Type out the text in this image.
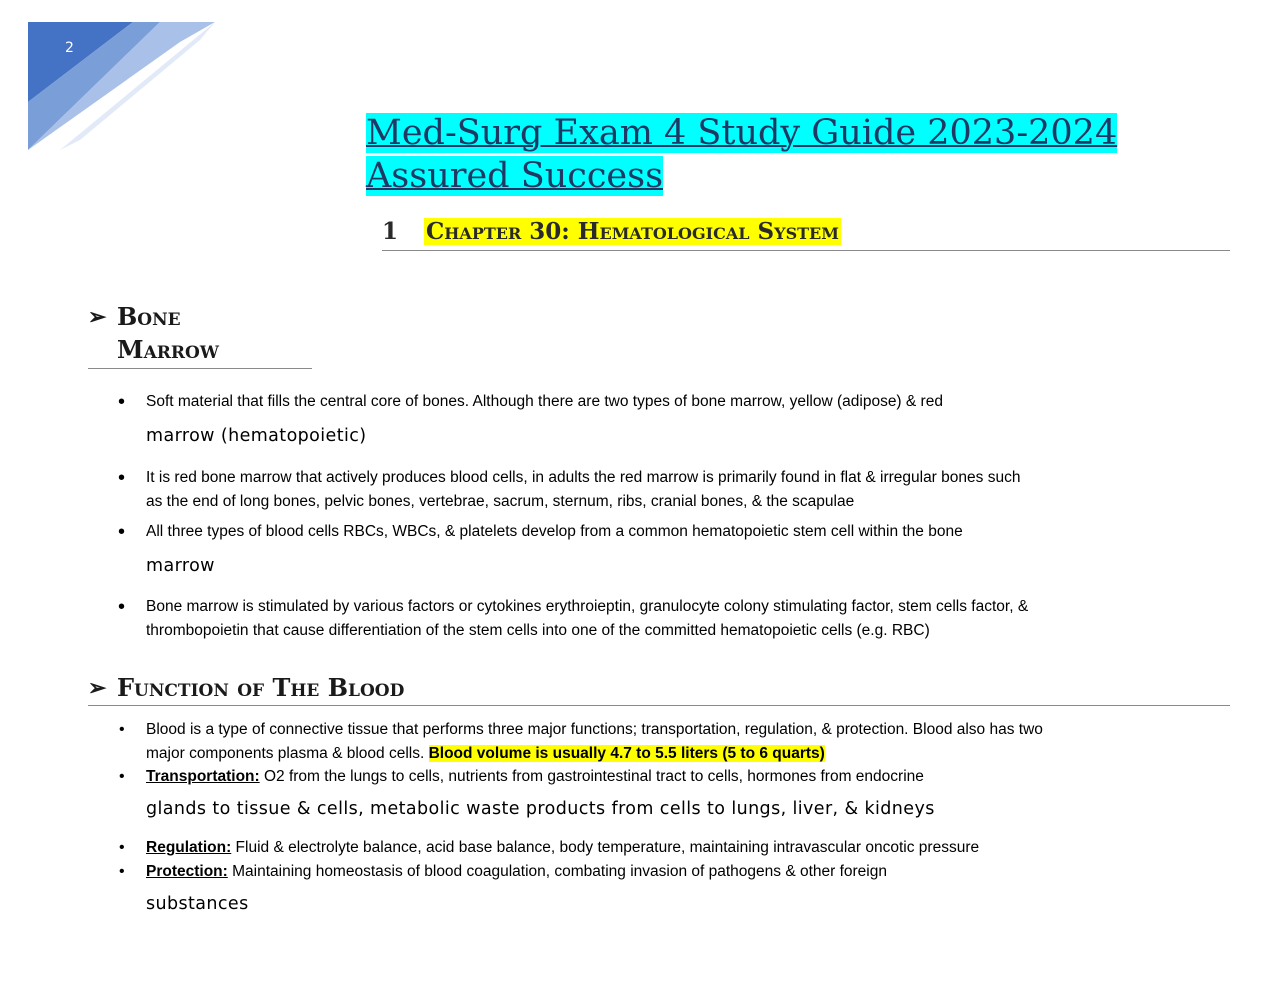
2
Med-Surg Exam 4 Study Guide 2023-2024
Assured Success
1 Chapter 30: Hematological System
➢ Bone
Marrow
• Soft material that fills the central core of bones. Although there are two types of bone marrow, yellow (adipose) & red
marrow (hematopoietic)
• It is red bone marrow that actively produces blood cells, in adults the red marrow is primarily found in flat & irregular bones such
as the end of long bones, pelvic bones, vertebrae, sacrum, sternum, ribs, cranial bones, & the scapulae
• All three types of blood cells RBCs, WBCs, & platelets develop from a common hematopoietic stem cell within the bone
marrow
• Bone marrow is stimulated by various factors or cytokines erythroieptin, granulocyte colony stimulating factor, stem cells factor, &
thrombopoietin that cause differentiation of the stem cells into one of the committed hematopoietic cells (e.g. RBC)
➢ Function of The Blood
• Blood is a type of connective tissue that performs three major functions; transportation, regulation, & protection. Blood also has two
major components plasma & blood cells. Blood volume is usually 4.7 to 5.5 liters (5 to 6 quarts)
• Transportation: O2 from the lungs to cells, nutrients from gastrointestinal tract to cells, hormones from endocrine
glands to tissue & cells, metabolic waste products from cells to lungs, liver, & kidneys
• Regulation: Fluid & electrolyte balance, acid base balance, body temperature, maintaining intravascular oncotic pressure
• Protection: Maintaining homeostasis of blood coagulation, combating invasion of pathogens & other foreign
substances
